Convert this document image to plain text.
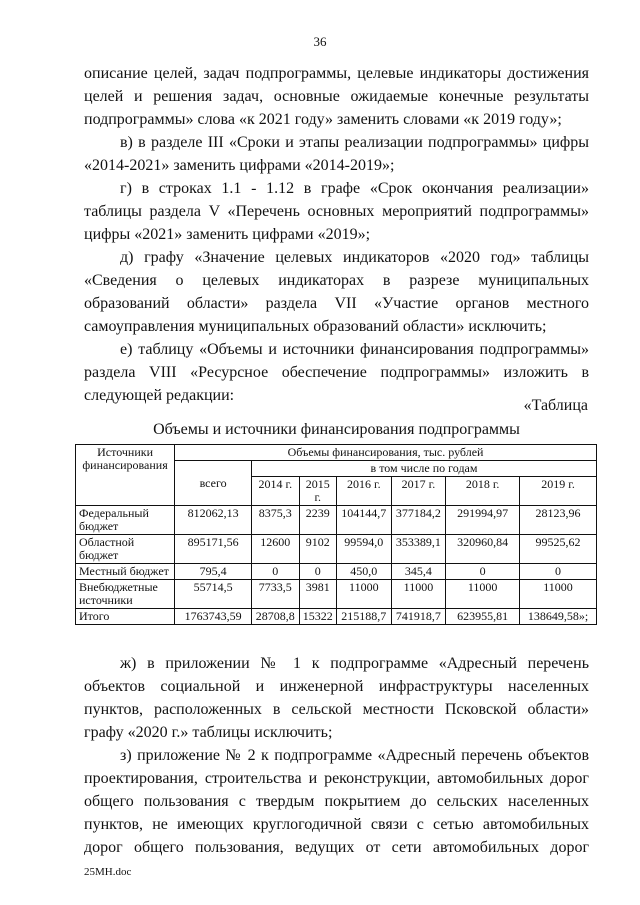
36

описание целей, задач подпрограммы, целевые индикаторы достижения целей и решения задач, основные ожидаемые конечные результаты подпрограммы» слова «к 2021 году» заменить словами «к 2019 году»;

в) в разделе III «Сроки и этапы реализации подпрограммы» цифры «2014-2021» заменить цифрами «2014-2019»;

г) в строках 1.1 - 1.12 в графе «Срок окончания реализации» таблицы раздела V «Перечень основных мероприятий подпрограммы» цифры «2021» заменить цифрами «2019»;

д) графу «Значение целевых индикаторов «2020 год» таблицы «Сведения о целевых индикаторах в разрезе муниципальных образований области» раздела VII «Участие органов местного самоуправления муниципальных образований области» исключить;

е) таблицу «Объемы и источники финансирования подпрограммы» раздела VIII «Ресурсное обеспечение подпрограммы» изложить в следующей редакции:

«Таблица
Объемы и источники финансирования подпрограммы
Источники финансирования	Объемы финансирования, тыс. рублей						
	всего	в том числе по годам					
		2014 г.	2015 г.	2016 г.	2017 г.	2018 г.	2019 г.
Федеральный бюджет	812062,13	8375,3	2239	104144,7	377184,2	291994,97	28123,96
Областной бюджет	895171,56	12600	9102	99594,0	353389,1	320960,84	99525,62
Местный бюджет	795,4	0	0	450,0	345,4	0	0
Внебюджетные источники	55714,5	7733,5	3981	11000	11000	11000	11000
Итого	1763743,59	28708,8	15322	215188,7	741918,7	623955,81	138649,58»;

ж) в приложении № 1 к подпрограмме «Адресный перечень объектов социальной и инженерной инфраструктуры населенных пунктов, расположенных в сельской местности Псковской области» графу «2020 г.» таблицы исключить;

з) приложение № 2 к подпрограмме «Адресный перечень объектов проектирования, строительства и реконструкции, автомобильных дорог общего пользования с твердым покрытием до сельских населенных пунктов, не имеющих круглогодичной связи с сетью автомобильных дорог общего пользования, ведущих от сети автомобильных дорог

25МН.doc
